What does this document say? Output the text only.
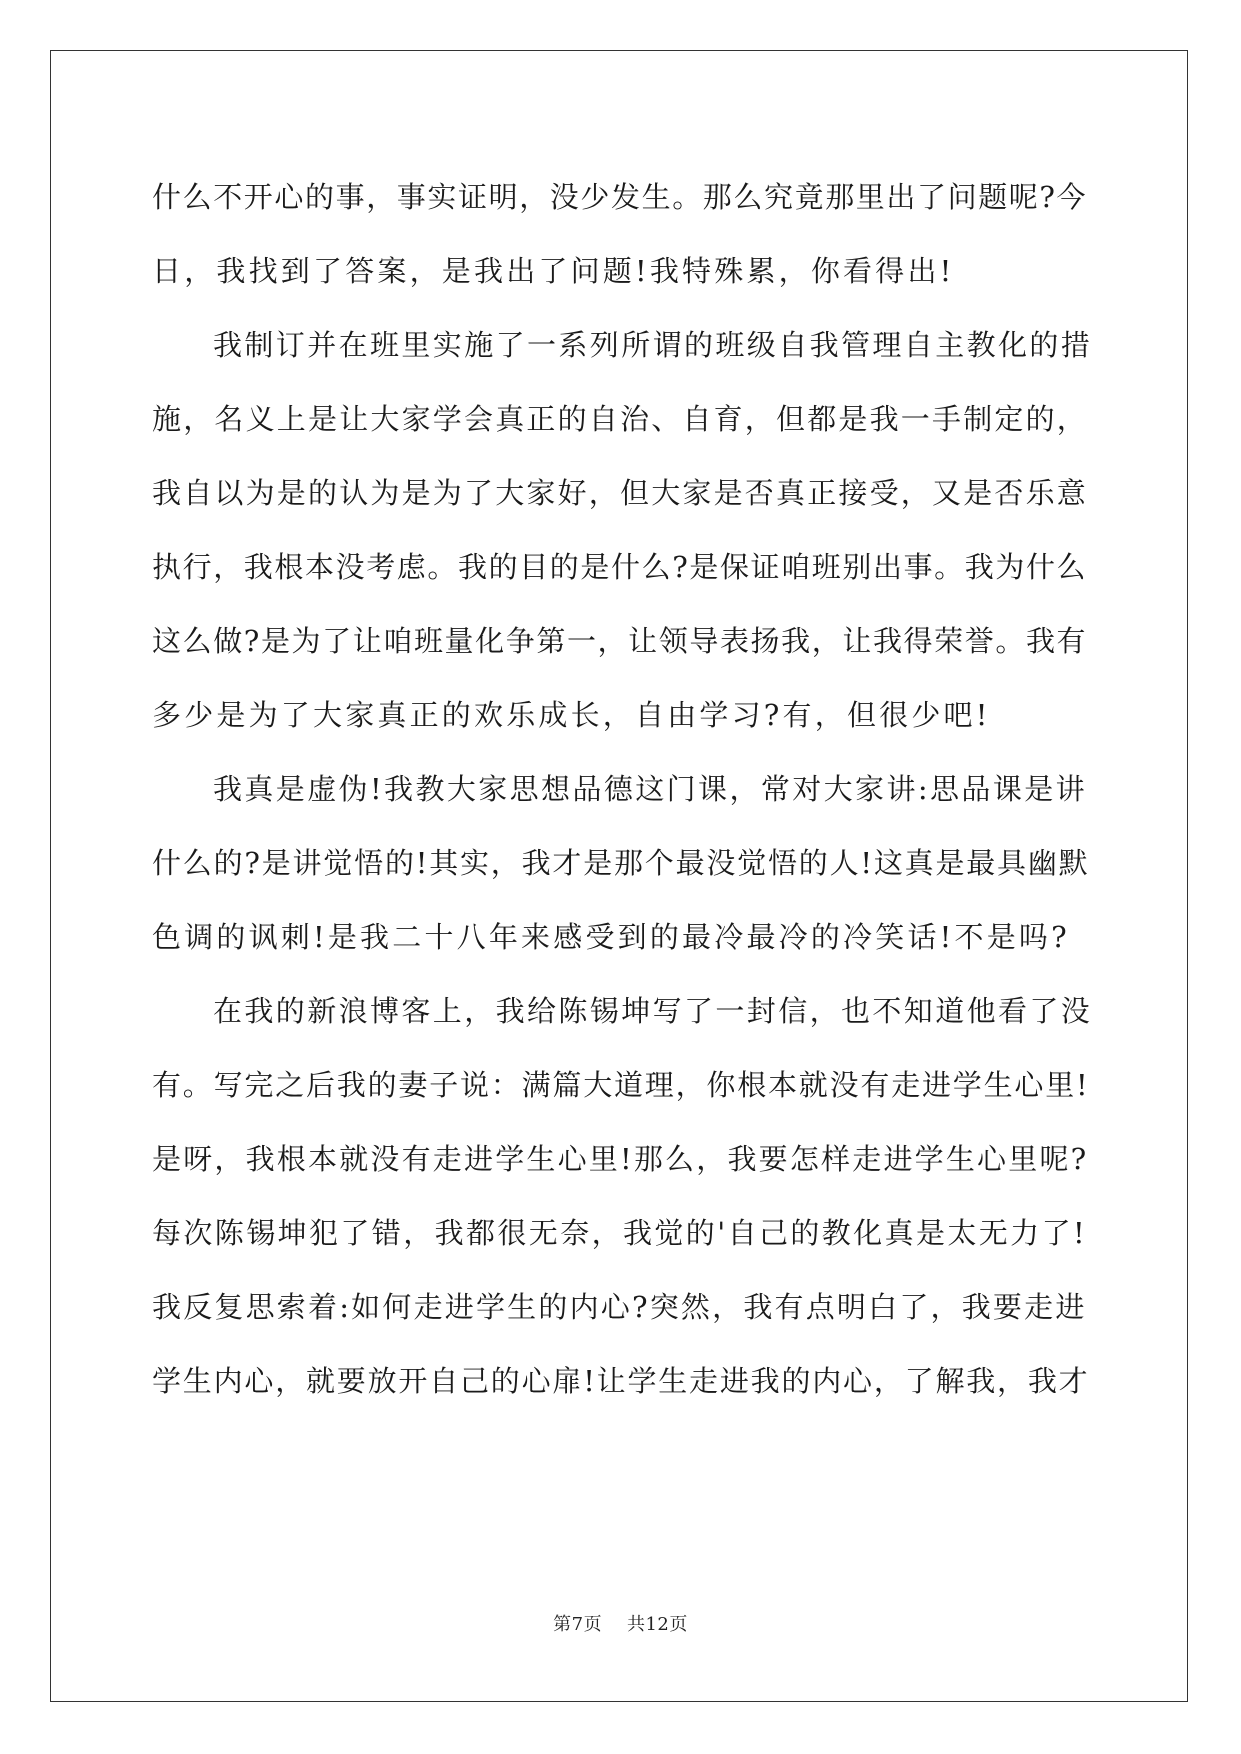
什么不开心的事，事实证明，没少发生。那么究竟那里出了问题呢?今
日，我找到了答案，是我出了问题!我特殊累，你看得出!
我制订并在班里实施了一系列所谓的班级自我管理自主教化的措
施，名义上是让大家学会真正的自治、自育，但都是我一手制定的，
我自以为是的认为是为了大家好，但大家是否真正接受，又是否乐意
执行，我根本没考虑。我的目的是什么?是保证咱班别出事。我为什么
这么做?是为了让咱班量化争第一，让领导表扬我，让我得荣誉。我有
多少是为了大家真正的欢乐成长，自由学习?有，但很少吧!
我真是虚伪!我教大家思想品德这门课，常对大家讲:思品课是讲
什么的?是讲觉悟的!其实，我才是那个最没觉悟的人!这真是最具幽默
色调的讽刺!是我二十八年来感受到的最冷最冷的冷笑话!不是吗?
在我的新浪博客上，我给陈锡坤写了一封信，也不知道他看了没
有。写完之后我的妻子说：满篇大道理，你根本就没有走进学生心里!
是呀，我根本就没有走进学生心里!那么，我要怎样走进学生心里呢?
每次陈锡坤犯了错，我都很无奈，我觉的'自己的教化真是太无力了!
我反复思索着:如何走进学生的内心?突然，我有点明白了，我要走进
学生内心，就要放开自己的心扉!让学生走进我的内心，了解我，我才
第7页 共12页
